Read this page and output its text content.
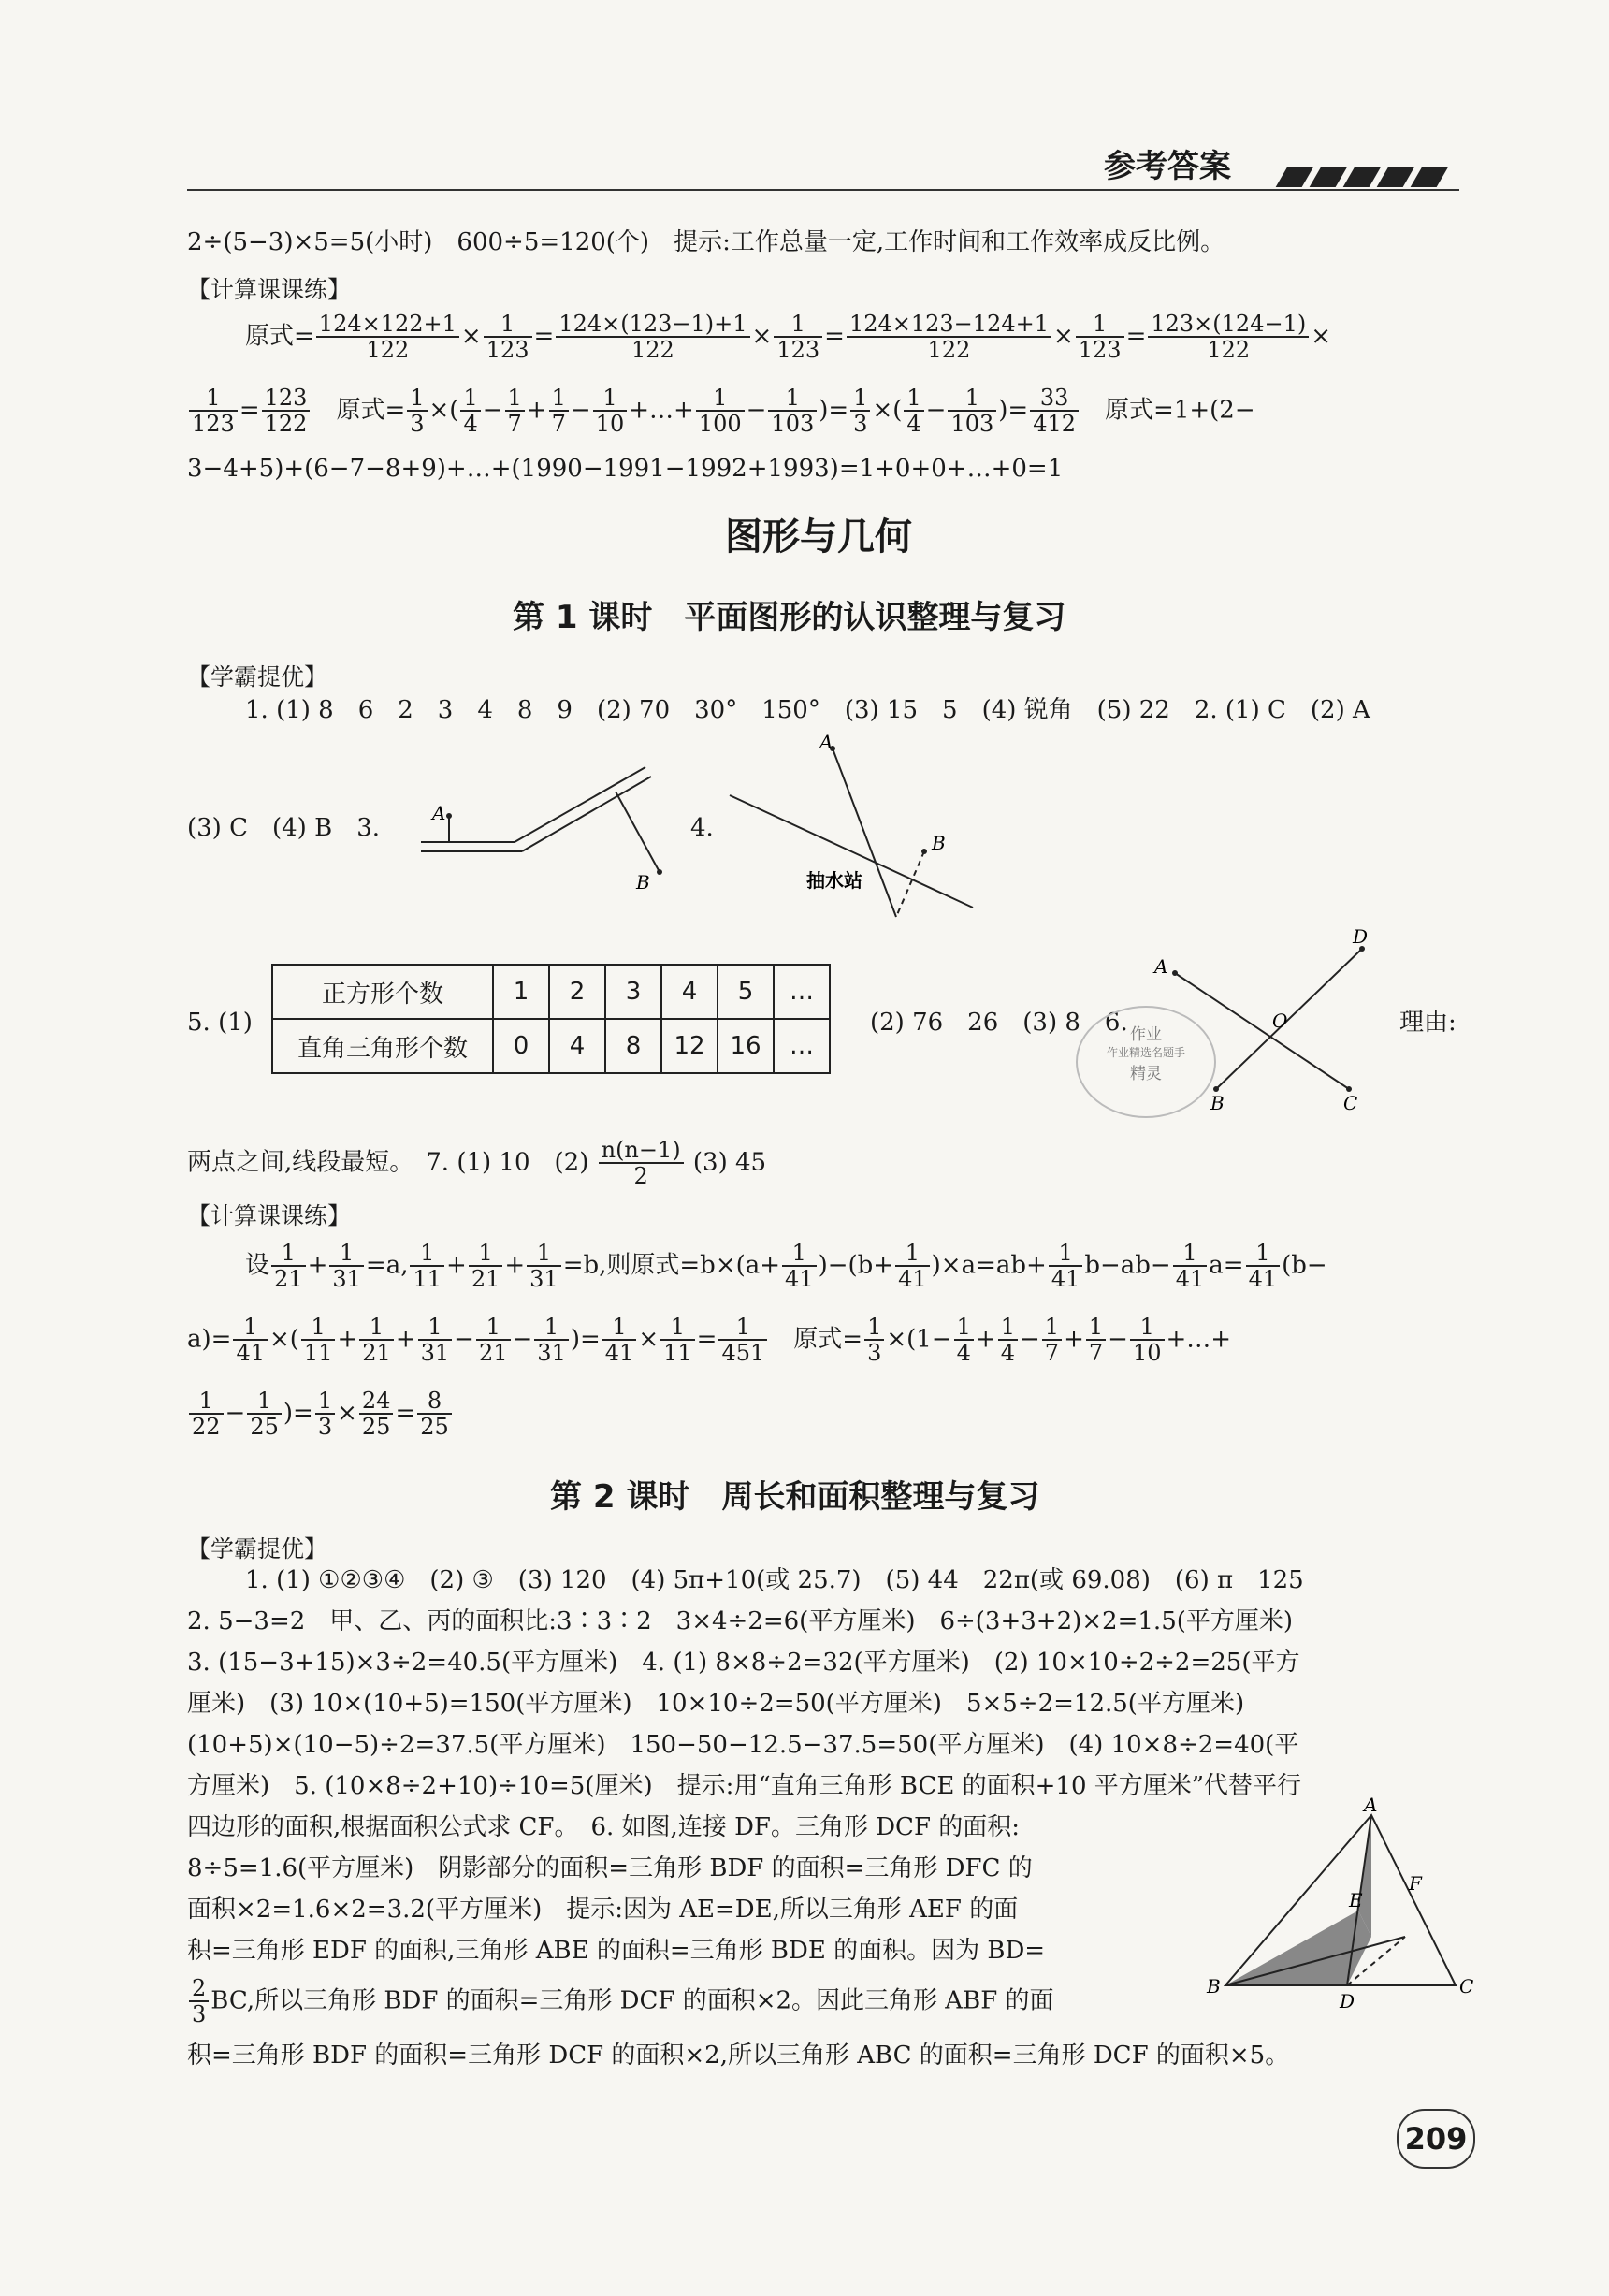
参考答案
2÷(5−3)×5=5(小时)　600÷5=120(个)　提示:工作总量一定,工作时间和工作效率成反比例。
【计算课课练】
原式= $\frac{124\times 122+1}{122} \times \frac{1}{123} = \frac{124\times(123-1)+1}{122} \times \frac{1}{123} = \frac{124\times 123-124+1}{122} \times \frac{1}{123} = \frac{123\times(124-1)}{122}$ ×
$\frac{1}{123} = \frac{123}{122}$
　 原式= $\frac{1}{3}$ ×( $\frac{1}{4} - \frac{1}{7} + \frac{1}{7} - \frac{1}{10}$ +…+ $\frac{1}{100} - \frac{1}{103}$ )= $\frac{1}{3}$ ×( $\frac{1}{4} - \frac{1}{103}$ )= $\frac{33}{412}$
　 原式=1+(2−
3−4+5)+(6−7−8+9)+…+(1990−1991−1992+1993)=1+0+0+…+0=1
图形与几何
第 1 课时　平面图形的认识整理与复习
【学霸提优】
1. (1) 8　6　2　3　4　8　9　(2) 70　30°　150°　(3) 15　5　(4) 锐角　(5) 22　2. (1) C　(2) A
(3) C　(4) B　3.
A
B
4.
A
B
抽水站
5. (1)
正方形个数	1	2	3	4	5	…
直角三角形个数	0	4	8	12	16	…
(2) 76　26　(3) 8　6. 作业
作业精选名题手
精灵
A
D
O
B	C
理由:
两点之间,线段最短。　7. (1) 10　$(2) \frac{n(n-1)}{2} (3)$ 45
【计算课课练】
设 $\frac{1}{21} + \frac{1}{31} =a$, $\frac{1}{11} + \frac{1}{21} + \frac{1}{31} =b$,则原式$=b\times(a+ \frac{1}{41} )-(b+ \frac{1}{41} )\times a=ab+ \frac{1}{41} b-ab- \frac{1}{41} a= \frac{1}{41} (b-$
$a)= \frac{1}{41}$ ×( $\frac{1}{11} + \frac{1}{21} + \frac{1}{31} - \frac{1}{21} - \frac{1}{31}$ )= $\frac{1}{41} \times \frac{1}{11} = \frac{1}{451}$
　 原式= $\frac{1}{3} \times(1- \frac{1}{4} + \frac{1}{4} - \frac{1}{7} + \frac{1}{7} - \frac{1}{10}$ +…+
$\frac{1}{22} - \frac{1}{25}$ )= $\frac{1}{3} \times \frac{24}{25} = \frac{8}{25}$
第 2 课时　周长和面积整理与复习
【学霸提优】
1. (1) ①②③④　(2) ③　(3) 120　(4) 5π+10(或 25.7)　(5) 44　22π(或 69.08)　(6) π　125
2. 5−3=2　甲、乙、丙的面积比:3∶3∶2　3×4÷2=6(平方厘米)　6÷(3+3+2)×2=1.5(平方厘米)
3. (15−3+15)×3÷2=40.5(平方厘米)　4. (1) 8×8÷2=32(平方厘米)　(2) 10×10÷2÷2=25(平方
厘米)　(3) 10×(10+5)=150(平方厘米)　10×10÷2=50(平方厘米)　5×5÷2=12.5(平方厘米)
(10+5)×(10−5)÷2=37.5(平方厘米)　150−50−12.5−37.5=50(平方厘米)　(4) 10×8÷2=40(平
方厘米)　5. (10×8÷2+10)÷10=5(厘米)　提示:用“直角三角形 BCE 的面积+10 平方厘米”代替平行
四边形的面积,根据面积公式求 CF。　6. 如图,连接 DF。三角形 DCF 的面积:
8÷5=1.6(平方厘米)　阴影部分的面积=三角形 BDF 的面积=三角形 DFC 的
面积×2=1.6×2=3.2(平方厘米)　提示:因为 AE=DE,所以三角形 AEF 的面
积=三角形 EDF 的面积,三角形 ABE 的面积=三角形 BDE 的面积。因为 BD=
$\frac{2}{3}$ BC,所以三角形 BDF 的面积=三角形 DCF 的面积×2。因此三角形 ABF 的面
积=三角形 BDF 的面积=三角形 DCF 的面积×2,所以三角形 ABC 的面积=三角形 DCF 的面积×5。
A
B	C
D
E
F
209
